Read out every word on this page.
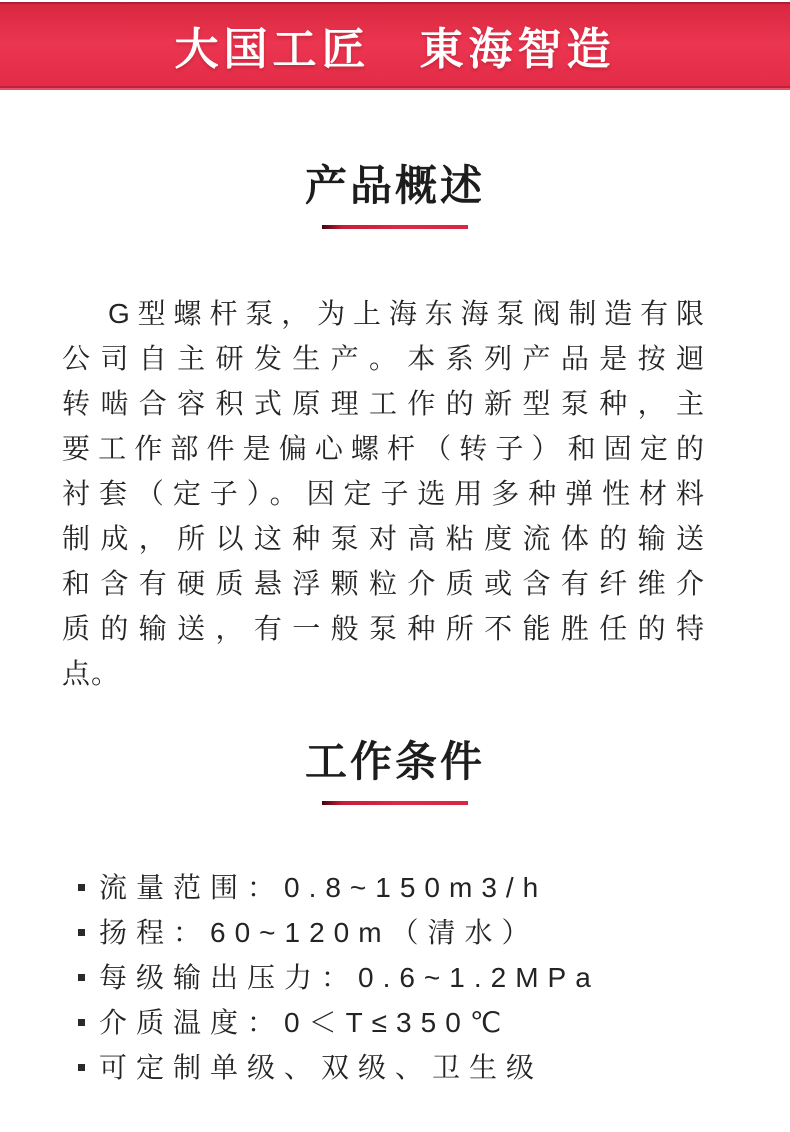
大国工匠　東海智造
产品概述
G型螺杆泵，为上海东海泵阀制造有限
公司自主研发生产。本系列产品是按迴
转啮合容积式原理工作的新型泵种，主
要工作部件是偏心螺杆（转子）和固定的
衬套（定子）。因定子选用多种弹性材料
制成，所以这种泵对高粘度流体的输送
和含有硬质悬浮颗粒介质或含有纤维介
质的输送，有一般泵种所不能胜任的特
点。
工作条件
流量范围：0.8~150m3/h
扬程：60~120m（清水）
每级输出压力：0.6~1.2MPa
介质温度：0＜T≤350℃
可定制单级、双级、卫生级
